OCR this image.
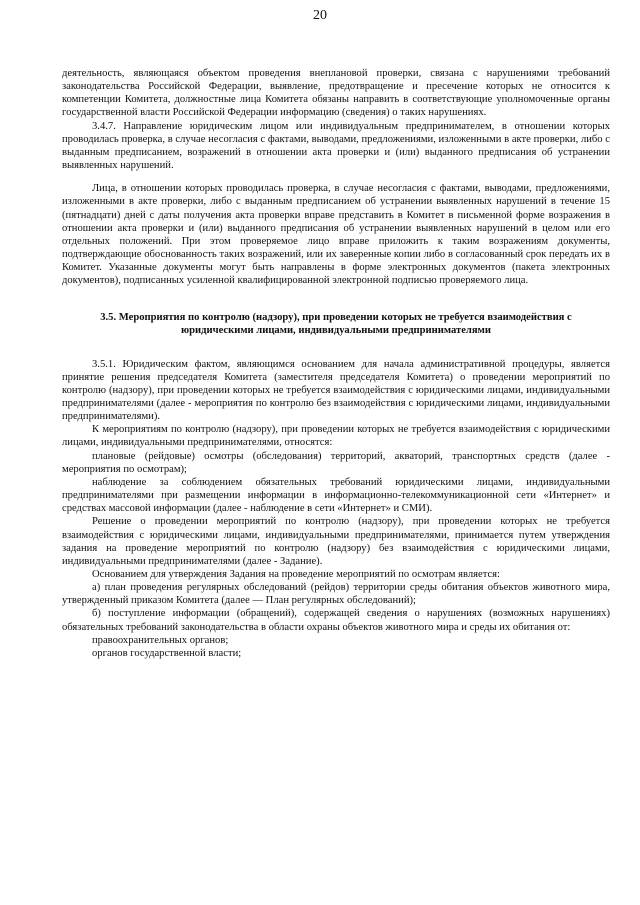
20

деятельность, являющаяся объектом проведения внеплановой проверки, связана с нарушениями требований законодательства Российской Федерации, выявление, предотвращение и пресечение которых не относится к компетенции Комитета, должностные лица Комитета обязаны направить в соответствующие уполномоченные органы государственной власти Российской Федерации информацию (сведения) о таких нарушениях.

3.4.7. Направление юридическим лицом или индивидуальным предпринимателем, в отношении которых проводилась проверка, в случае несогласия с фактами, выводами, предложениями, изложенными в акте проверки, либо с выданным предписанием, возражений в отношении акта проверки и (или) выданного предписания об устранении выявленных нарушений.

Лица, в отношении которых проводилась проверка, в случае несогласия с фактами, выводами, предложениями, изложенными в акте проверки, либо с выданным предписанием об устранении выявленных нарушений в течение 15 (пятнадцати) дней с даты получения акта проверки вправе представить в Комитет в письменной форме возражения в отношении акта проверки и (или) выданного предписания об устранении выявленных нарушений в целом или его отдельных положений. При этом проверяемое лицо вправе приложить к таким возражениям документы, подтверждающие обоснованность таких возражений, или их заверенные копии либо в согласованный срок передать их в Комитет. Указанные документы могут быть направлены в форме электронных документов (пакета электронных документов), подписанных усиленной квалифицированной электронной подписью проверяемого лица.

3.5. Мероприятия по контролю (надзору), при проведении которых не требуется взаимодействия с юридическими лицами, индивидуальными предпринимателями

3.5.1. Юридическим фактом, являющимся основанием для начала административной процедуры, является принятие решения председателя Комитета (заместителя председателя Комитета) о проведении мероприятий по контролю (надзору), при проведении которых не требуется взаимодействия с юридическими лицами, индивидуальными предпринимателями (далее - мероприятия по контролю без взаимодействия с юридическими лицами, индивидуальными предпринимателями).

К мероприятиям по контролю (надзору), при проведении которых не требуется взаимодействия с юридическими лицами, индивидуальными предпринимателями, относятся:

плановые (рейдовые) осмотры (обследования) территорий, акваторий, транспортных средств (далее - мероприятия по осмотрам);

наблюдение за соблюдением обязательных требований юридическими лицами, индивидуальными предпринимателями при размещении информации в информационно-телекоммуникационной сети «Интернет» и средствах массовой информации (далее - наблюдение в сети «Интернет» и СМИ).

Решение о проведении мероприятий по контролю (надзору), при проведении которых не требуется взаимодействия с юридическими лицами, индивидуальными предпринимателями, принимается путем утверждения задания на проведение мероприятий по контролю (надзору) без взаимодействия с юридическими лицами, индивидуальными предпринимателями (далее - Задание).

Основанием для утверждения Задания на проведение мероприятий по осмотрам является:

а) план проведения регулярных обследований (рейдов) территории среды обитания объектов животного мира, утвержденный приказом Комитета (далее — План регулярных обследований);

б) поступление информации (обращений), содержащей сведения о нарушениях (возможных нарушениях) обязательных требований законодательства в области охраны объектов животного мира и среды их обитания от:

правоохранительных органов;
органов государственной власти;
